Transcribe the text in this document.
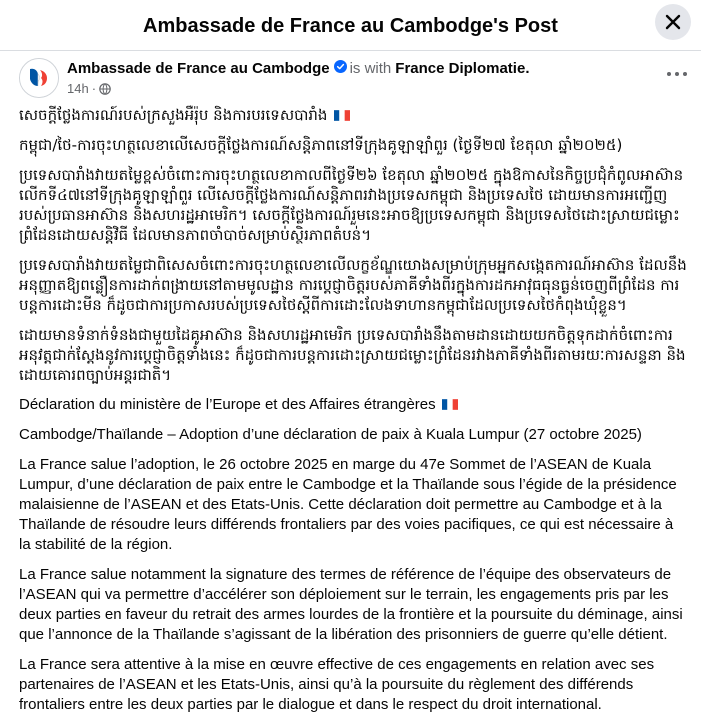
Ambassade de France au Cambodge's Post
Ambassade de France au Cambodge is with France Diplomatie.
14h ·

សេចក្តីថ្លែងការណ៍របស់ក្រសួងអឺរ៉ុប និងការបរទេសបារាំង

កម្ពុជា/ថៃ-ការចុះហត្ថលេខាលើសេចក្តីថ្លែងការណ៍សន្តិភាពនៅទីក្រុងគូឡាឡាំពួរ (ថ្ងៃទី២៧ ខែតុលា ឆ្នាំ២០២៥)

ប្រទេសបារាំងវាយតម្លៃខ្ពស់ចំពោះការចុះហត្ថលេខាកាលពីថ្ងៃទី២៦ ខែតុលា ឆ្នាំ២០២៥ ក្នុងឱកាសនៃកិច្ចប្រជុំកំពូលអាស៊ានលើកទី៤៧នៅទីក្រុងគូឡាឡាំពួរ លើសេចក្តីថ្លែងការណ៍សន្តិភាពរវាងប្រទេសកម្ពុជា និងប្រទេសថៃ ដោយមានការអញ្ជើញរបស់ប្រធានអាស៊ាន និងសហរដ្ឋអាមេរិក។ សេចក្តីថ្លែងការណ៍រួមនេះអាចឱ្យប្រទេសកម្ពុជា និងប្រទេសថៃដោះស្រាយជម្លោះព្រំដែនដោយសន្តិវិធី ដែលមានភាពចាំបាច់សម្រាប់ស្ថិរភាពតំបន់។

ប្រទេសបារាំងវាយតម្លៃជាពិសេសចំពោះការចុះហត្ថលេខាលើលក្ខខ័ណ្ឌយោងសម្រាប់ក្រុមអ្នកសង្កេតការណ៍អាស៊ាន ដែលនឹងអនុញ្ញាតឱ្យពន្លឿនការដាក់ពង្រាយនៅតាមមូលដ្ឋាន ការប្តេជ្ញាចិត្តរបស់ភាគីទាំងពីរក្នុងការដកអាវុធធុនធ្ងន់ចេញពីព្រំដែន ការបន្តការដោះមីន ក៏ដូចជាការប្រកាសរបស់ប្រទេសថៃស្តីពីការដោះលែងទាហានកម្ពុជាដែលប្រទេសថៃកំពុងឃុំខ្លួន។

ដោយមានទំនាក់ទំនងជាមួយដៃគូអាស៊ាន និងសហរដ្ឋអាមេរិក ប្រទេសបារាំងនឹងតាមដានដោយយកចិត្តទុកដាក់ចំពោះការអនុវត្តជាក់ស្តែងនូវការប្តេជ្ញាចិត្តទាំងនេះ ក៏ដូចជាការបន្តការដោះស្រាយជម្លោះព្រំដែនរវាងភាគីទាំងពីរតាមរយៈការសន្ទនា និងដោយគោរពច្បាប់អន្តរជាតិ។

Déclaration du ministère de l’Europe et des Affaires étrangères

Cambodge/Thaïlande – Adoption d’une déclaration de paix à Kuala Lumpur (27 octobre 2025)

La France salue l’adoption, le 26 octobre 2025 en marge du 47e Sommet de l’ASEAN de Kuala Lumpur, d’une déclaration de paix entre le Cambodge et la Thaïlande sous l’égide de la présidence malaisienne de l’ASEAN et des Etats-Unis. Cette déclaration doit permettre au Cambodge et à la Thaïlande de résoudre leurs différends frontaliers par des voies pacifiques, ce qui est nécessaire à la stabilité de la région.

La France salue notamment la signature des termes de référence de l’équipe des observateurs de l’ASEAN qui va permettre d’accélérer son déploiement sur le terrain, les engagements pris par les deux parties en faveur du retrait des armes lourdes de la frontière et la poursuite du déminage, ainsi que l’annonce de la Thaïlande s’agissant de la libération des prisonniers de guerre qu’elle détient.

La France sera attentive à la mise en œuvre effective de ces engagements en relation avec ses partenaires de l’ASEAN et les Etats-Unis, ainsi qu’à la poursuite du règlement des différends frontaliers entre les deux parties par le dialogue et dans le respect du droit international.
